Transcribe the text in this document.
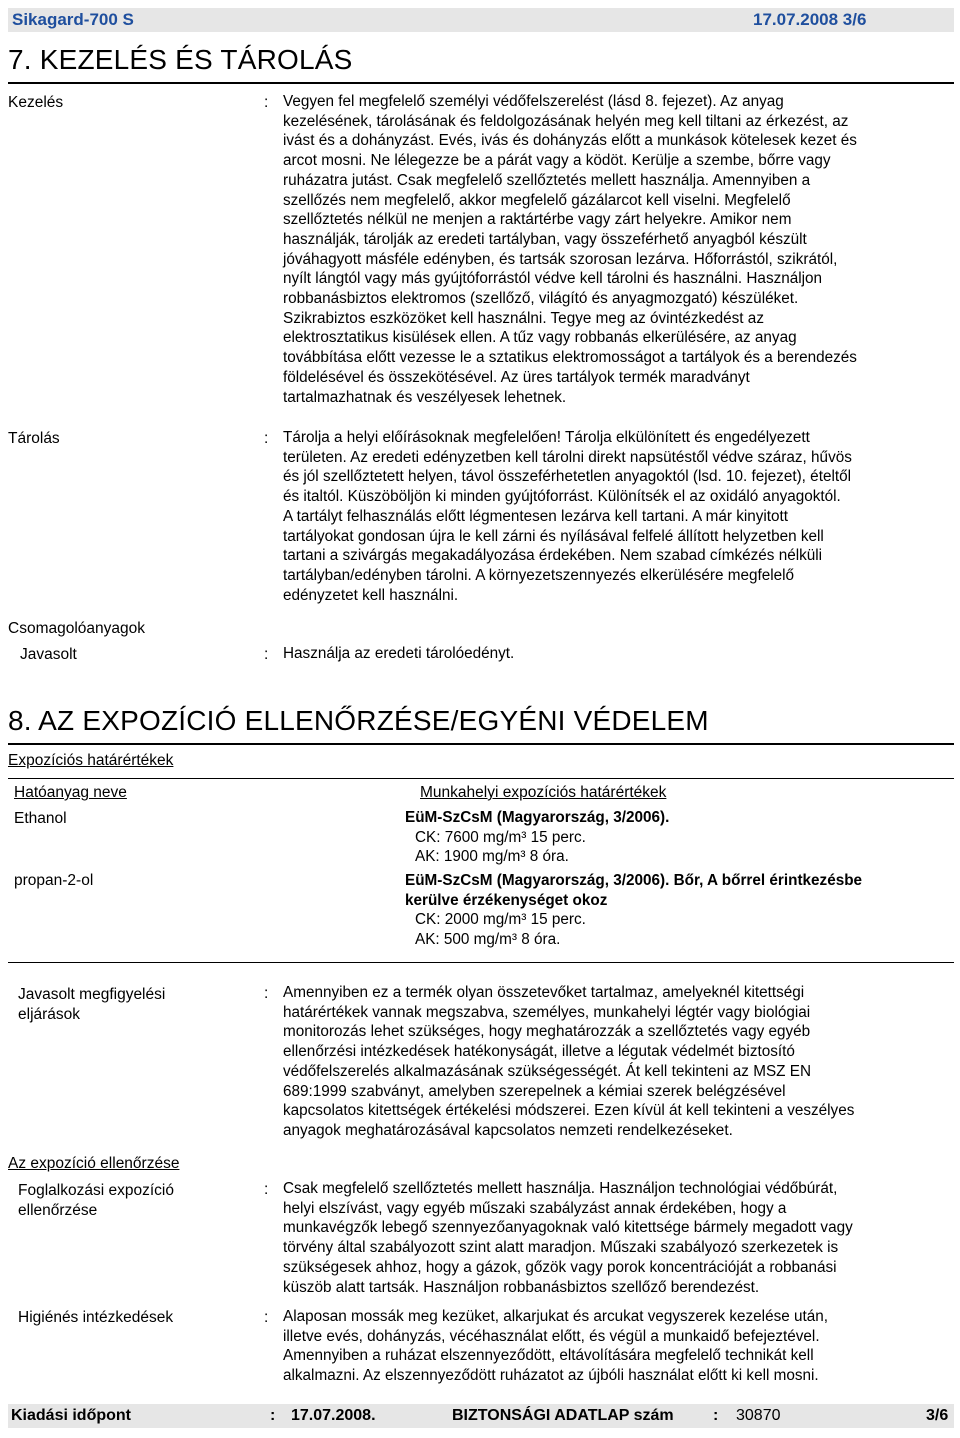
Sikagard-700 S	17.07.2008 3/6
7. KEZELÉS ÉS TÁROLÁS
Kezelés	: Vegyen fel megfelelő személyi védőfelszerelést (lásd 8. fejezet). Az anyag
kezelésének, tárolásának és feldolgozásának helyén meg kell tiltani az érkezést, az
ivást és a dohányzást. Evés, ivás és dohányzás előtt a munkások kötelesek kezet és
arcot mosni. Ne lélegezze be a párát vagy a ködöt. Kerülje a szembe, bőrre vagy
ruházatra jutást. Csak megfelelő szellőztetés mellett használja. Amennyiben a
szellőzés nem megfelelő, akkor megfelelő gázálarcot kell viselni. Megfelelő
szellőztetés nélkül ne menjen a raktártérbe vagy zárt helyekre. Amikor nem
használják, tárolják az eredeti tartályban, vagy összeférhető anyagból készült
jóváhagyott másféle edényben, és tartsák szorosan lezárva. Hőforrástól, szikrától,
nyílt lángtól vagy más gyújtóforrástól védve kell tárolni és használni. Használjon
robbanásbiztos elektromos (szellőző, világító és anyagmozgató) készüléket.
Szikrabiztos eszközöket kell használni. Tegye meg az óvintézkedést az
elektrosztatikus kisülések ellen. A tűz vagy robbanás elkerülésére, az anyag
továbbítása előtt vezesse le a sztatikus elektromosságot a tartályok és a berendezés
földelésével és összekötésével. Az üres tartályok termék maradványt
tartalmazhatnak és veszélyesek lehetnek.
Tárolás	: Tárolja a helyi előírásoknak megfelelően! Tárolja elkülönített és engedélyezett
területen. Az eredeti edényzetben kell tárolni direkt napsütéstől védve száraz, hűvös
és jól szellőztetett helyen, távol összeférhetetlen anyagoktól (lsd. 10. fejezet), ételtől
és italtól. Küszöböljön ki minden gyújtóforrást. Különítsék el az oxidáló anyagoktól.
A tartályt felhasználás előtt légmentesen lezárva kell tartani. A már kinyitott
tartályokat gondosan újra le kell zárni és nyílásával felfelé állított helyzetben kell
tartani a szivárgás megakadályozása érdekében. Nem szabad címkézés nélküli
tartályban/edényben tárolni. A környezetszennyezés elkerülésére megfelelő
edényzetet kell használni.
Csomagolóanyagok
Javasolt	: Használja az eredeti tárolóedényt.
8. AZ EXPOZÍCIÓ ELLENŐRZÉSE/EGYÉNI VÉDELEM
Expozíciós határértékek
Hatóanyag neve	Munkahelyi expozíciós határértékek
Ethanol	EüM-SzCsM (Magyarország, 3/2006).
CK: 7600 mg/m³ 15 perc.
AK: 1900 mg/m³ 8 óra.
propan-2-ol	EüM-SzCsM (Magyarország, 3/2006). Bőr, A bőrrel érintkezésbe
kerülve érzékenységet okoz
CK: 2000 mg/m³ 15 perc.
AK: 500 mg/m³ 8 óra.
Javasolt megfigyelési
eljárások
: Amennyiben ez a termék olyan összetevőket tartalmaz, amelyeknél kitettségi
határértékek vannak megszabva, személyes, munkahelyi légtér vagy biológiai
monitorozás lehet szükséges, hogy meghatározzák a szellőztetés vagy egyéb
ellenőrzési intézkedések hatékonyságát, illetve a légutak védelmét biztosító
védőfelszerelés alkalmazásának szükségességét. Át kell tekinteni az MSZ EN
689:1999 szabványt, amelyben szerepelnek a kémiai szerek belégzésével
kapcsolatos kitettségek értékelési módszerei. Ezen kívül át kell tekinteni a veszélyes
anyagok meghatározásával kapcsolatos nemzeti rendelkezéseket.
Az expozíció ellenőrzése
Foglalkozási expozíció
ellenőrzése
: Csak megfelelő szellőztetés mellett használja. Használjon technológiai védőbúrát,
helyi elszívást, vagy egyéb műszaki szabályzást annak érdekében, hogy a
munkavégzők lebegő szennyezőanyagoknak való kitettsége bármely megadott vagy
törvény által szabályozott szint alatt maradjon. Műszaki szabályozó szerkezetek is
szükségesek ahhoz, hogy a gázok, gőzök vagy porok koncentrációját a robbanási
küszöb alatt tartsák. Használjon robbanásbiztos szellőző berendezést.
Higiénés intézkedések	: Alaposan mossák meg kezüket, alkarjukat és arcukat vegyszerek kezelése után,
illetve evés, dohányzás, vécéhasználat előtt, és végül a munkaidő befejeztével.
Amennyiben a ruházat elszennyeződött, eltávolítására megfelelő technikát kell
alkalmazni. Az elszennyeződött ruházatot az újbóli használat előtt ki kell mosni.
Kiadási időpont	: 17.07.2008.	BIZTONSÁGI ADATLAP szám : 30870	3/6
